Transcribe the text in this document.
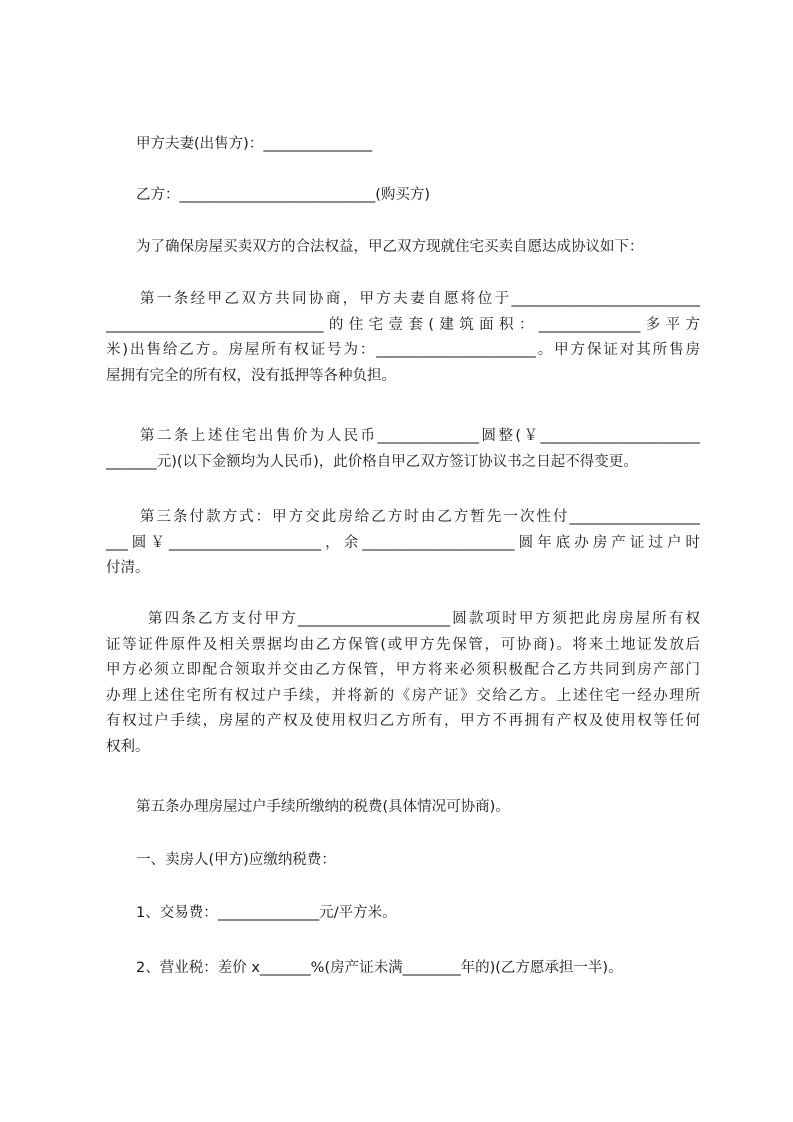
甲方夫妻(出售方)：_______________
乙方：___________________________(购买方)
为了确保房屋买卖双方的合法权益，甲乙双方现就住宅买卖自愿达成协议如下：
第一条经甲乙双方共同协商，甲方夫妻自愿将位于__________________________
______________________________的住宅壹套(建筑面积：______________多平方
米)出售给乙方。房屋所有权证号为：______________________。甲方保证对其所售房
屋拥有完全的所有权，没有抵押等各种负担。
第二条上述住宅出售价为人民币______________圆整(￥______________________
_______元)(以下金额均为人民币)，此价格自甲乙双方签订协议书之日起不得变更。
第三条付款方式：甲方交此房给乙方时由乙方暂先一次性付__________________
___圆￥_____________________，余_____________________圆年底办房产证过户时
付清。
第四条乙方支付甲方_____________________圆款项时甲方须把此房房屋所有权
证等证件原件及相关票据均由乙方保管(或甲方先保管，可协商)。将来土地证发放后
甲方必须立即配合领取并交由乙方保管，甲方将来必须积极配合乙方共同到房产部门
办理上述住宅所有权过户手续，并将新的《房产证》交给乙方。上述住宅一经办理所
有权过户手续，房屋的产权及使用权归乙方所有，甲方不再拥有产权及使用权等任何
权利。
第五条办理房屋过户手续所缴纳的税费(具体情况可协商)。
一、卖房人(甲方)应缴纳税费：
1、交易费：______________元/平方米。
2、营业税：差价 x_______%(房产证未满________年的)(乙方愿承担一半)。
